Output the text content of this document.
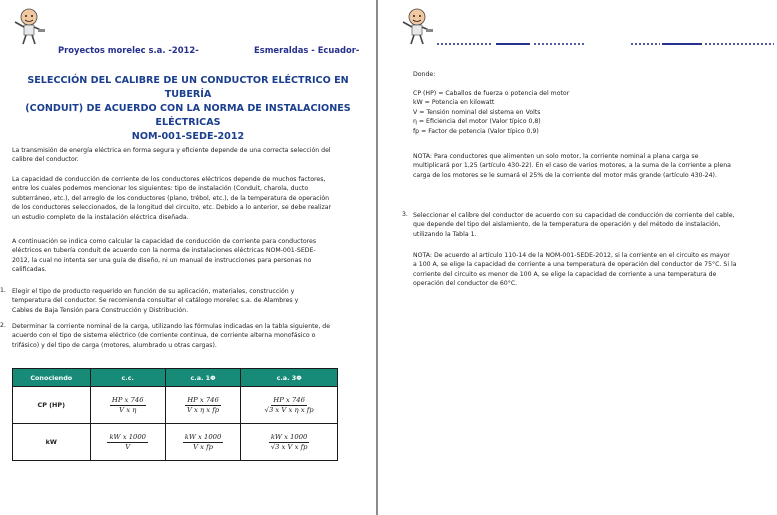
Proyectos morelec s.a. -2012-	Esmeraldas - Ecuador-
SELECCIÓN DEL CALIBRE DE UN CONDUCTOR ELÉCTRICO EN TUBERÍA
(CONDUIT) DE ACUERDO CON LA NORMA DE INSTALACIONES ELÉCTRICAS
NOM-001-SEDE-2012
La transmisión de energía eléctrica en forma segura y eficiente depende de una correcta selección del
calibre del conductor.
La capacidad de conducción de corriente de los conductores eléctricos depende de muchos factores,
entre los cuales podemos mencionar los siguientes: tipo de instalación (Conduit, charola, ducto
subterráneo, etc.), del arreglo de los conductores (plano, trébol, etc.), de la temperatura de operación
de los conductores seleccionados, de la longitud del circuito, etc. Debido a lo anterior, se debe realizar
un estudio completo de la instalación eléctrica diseñada.
A continuación se indica como calcular la capacidad de conducción de corriente para conductores
eléctricos en tubería conduit de acuerdo con la norma de instalaciones eléctricas NOM-001-SEDE-
2012, la cual no intenta ser una guía de diseño, ni un manual de instrucciones para personas no
calificadas.
1. Elegir el tipo de producto requerido en función de su aplicación, materiales, construcción y
temperatura del conductor. Se recomienda consultar el catálogo morelec s.a. de Alambres y
Cables de Baja Tensión para Construcción y Distribución.
2. Determinar la corriente nominal de la carga, utilizando las fórmulas indicadas en la tabla siguiente, de
acuerdo con el tipo de sistema eléctrico (de corriente continua, de corriente alterna monofásico o
trifásico) y del tipo de carga (motores, alumbrado u otras cargas).
Conociendo	c.c.	c.a. 1Φ	c.a. 3Φ
CP (HP)	$\frac{\text{HP x 746}}{\text{V x η}}$	$\frac{\text{HP x 746}}{\text{V x η x fp}}$	$\frac{\text{HP x 746}}{\text{√3 x V x η x fp}}$

kW	$\frac{\text{kW x 1000}}{V}$	$\frac{\text{kW x 1000}}{\text{V x fp}}$	$\frac{\text{kW x 1000}}{\text{√3 x V x fp}}$
Donde:
CP (HP) = Caballos de fuerza o potencia del motor
kW = Potencia en kilowatt
V = Tensión nominal del sistema en Volts
η = Eficiencia del motor (Valor típico 0,8)
fp = Factor de potencia (Valor típico 0,9)
NOTA: Para conductores que alimenten un solo motor, la corriente nominal a plana carga se
multiplicará por 1,25 (artículo 430-22). En el caso de varios motores, a la suma de la corriente a plena
carga de los motores se le sumará el 25% de la corriente del motor más grande (artículo 430-24).
3. Seleccionar el calibre del conductor de acuerdo con su capacidad de conducción de corriente del cable,
que depende del tipo del aislamiento, de la temperatura de operación y del método de instalación,
utilizando la Tabla 1.
NOTA: De acuerdo al artículo 110-14 de la NOM-001-SEDE-2012, si la corriente en el circuito es mayor
a 100 A, se elige la capacidad de corriente a una temperatura de operación del conductor de 75°C. Si la
corriente del circuito es menor de 100 A, se elige la capacidad de corriente a una temperatura de
operación del conductor de 60°C.
